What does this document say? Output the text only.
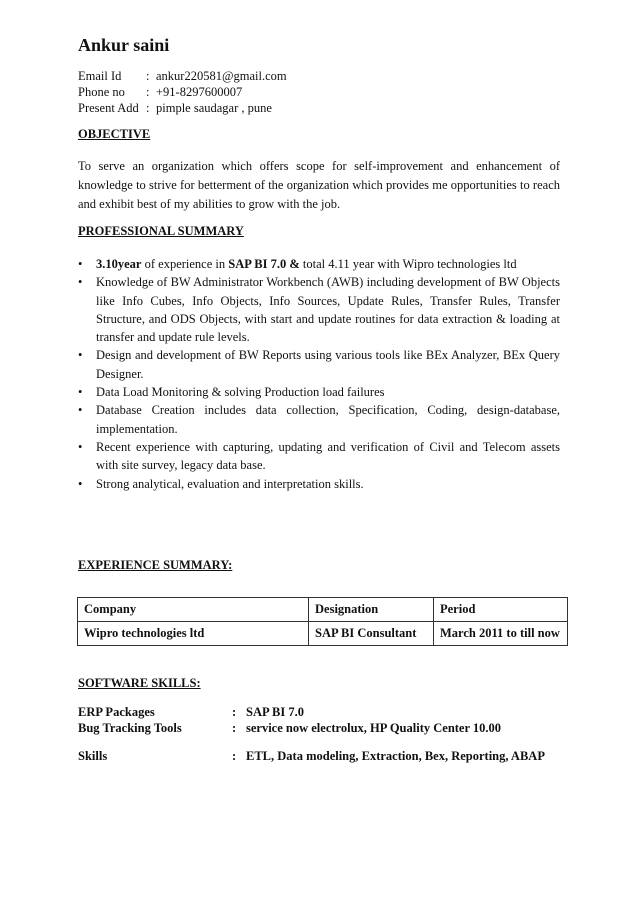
Ankur saini
Email Id : ankur220581@gmail.com
Phone no : +91-8297600007
Present Add : pimple saudagar , pune
OBJECTIVE
To serve an organization which offers scope for self-improvement and enhancement of knowledge to strive for betterment of the organization which provides me opportunities to reach and exhibit best of my abilities to grow with the job.
PROFESSIONAL SUMMARY
• 3.10year of experience in SAP BI 7.0 & total 4.11 year with Wipro technologies ltd
• Knowledge of BW Administrator Workbench (AWB) including development of BW Objects like Info Cubes, Info Objects, Info Sources, Update Rules, Transfer Rules, Transfer Structure, and ODS Objects, with start and update routines for data extraction & loading at transfer and update rule levels.
• Design and development of BW Reports using various tools like BEx Analyzer, BEx Query Designer.
• Data Load Monitoring & solving Production load failures
• Database Creation includes data collection, Specification, Coding, design-database, implementation.
• Recent experience with capturing, updating and verification of Civil and Telecom assets with site survey, legacy data base.
• Strong analytical, evaluation and interpretation skills.
EXPERIENCE SUMMARY:
Company	Designation	Period
Wipro technologies ltd	SAP BI Consultant	March 2011 to till now
SOFTWARE SKILLS:
ERP Packages	: SAP BI 7.0
Bug Tracking Tools	: service now electrolux, HP Quality Center 10.00
Skills	: ETL, Data modeling, Extraction, Bex, Reporting, ABAP
